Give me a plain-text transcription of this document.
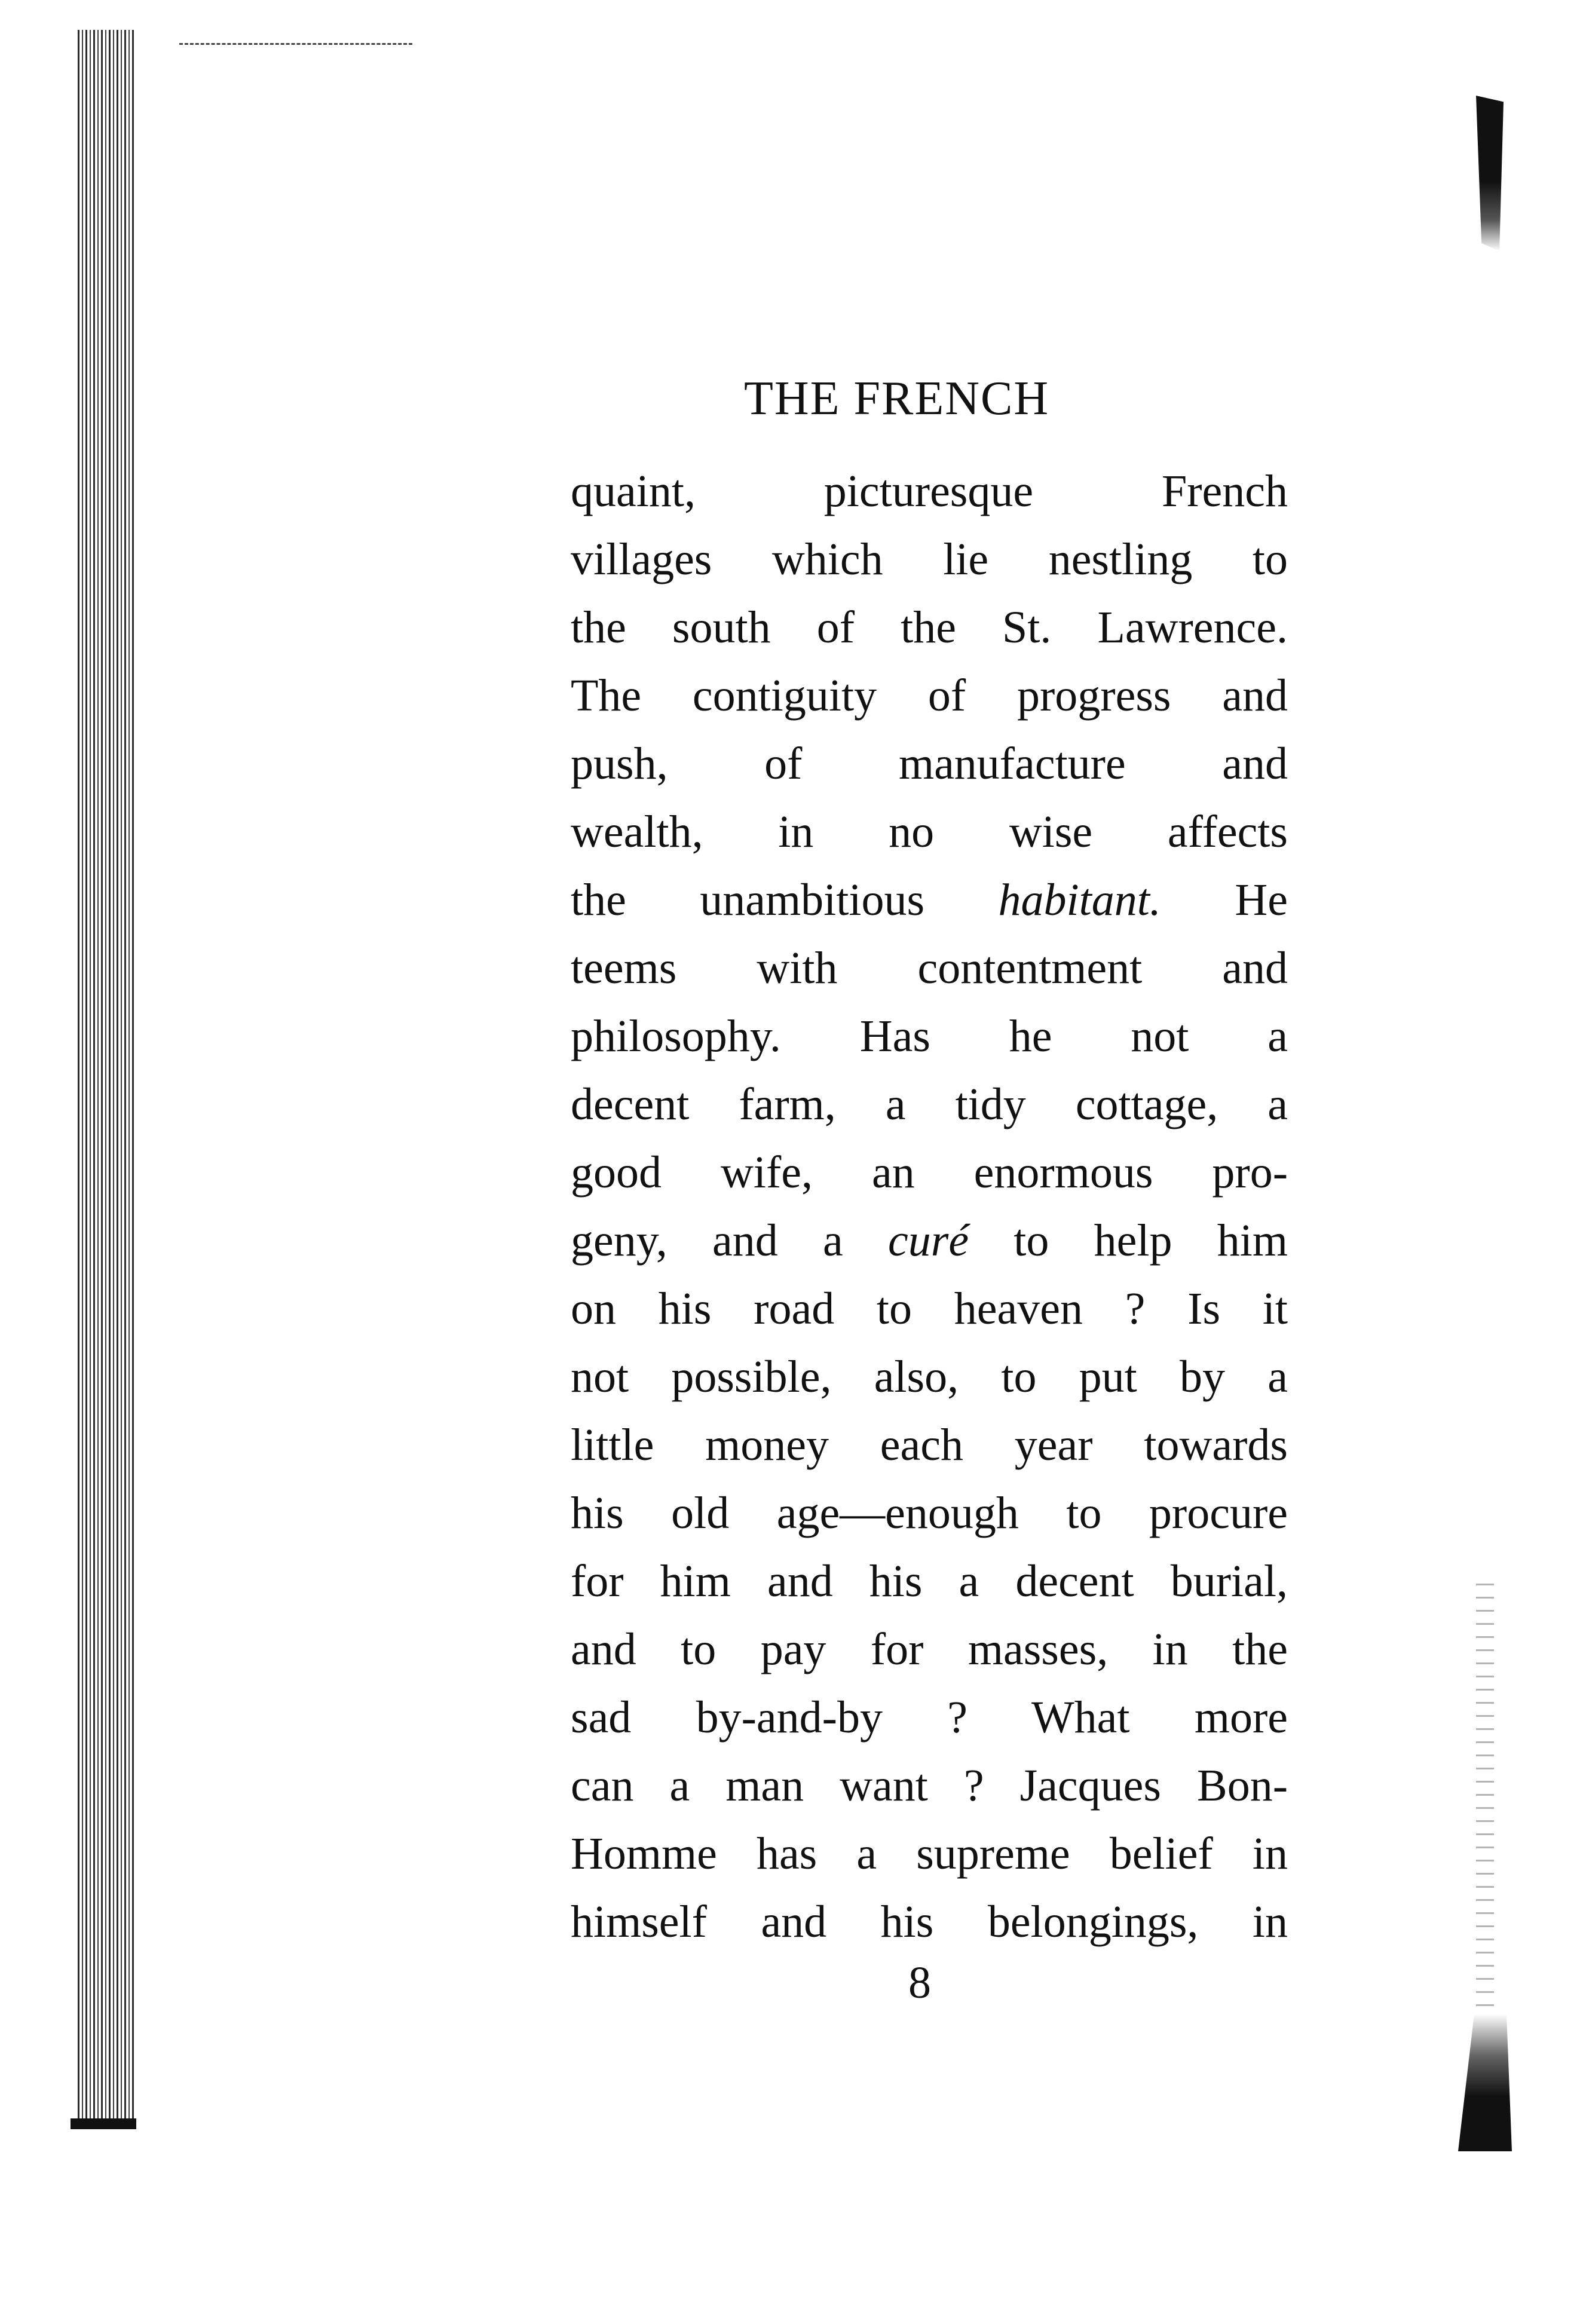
THE FRENCH
quaint, picturesque French
villages which lie nestling to
the south of the St. Lawrence.
The contiguity of progress and
push, of manufacture and
wealth, in no wise affects
the unambitious habitant. He
teems with contentment and
philosophy. Has he not a
decent farm, a tidy cottage, a
good wife, an enormous pro-
geny, and a curé to help him
on his road to heaven ? Is it
not possible, also, to put by a
little money each year towards
his old age—enough to procure
for him and his a decent burial,
and to pay for masses, in the
sad by-and-by ? What more
can a man want ? Jacques Bon-
Homme has a supreme belief in
himself and his belongings, in
8
